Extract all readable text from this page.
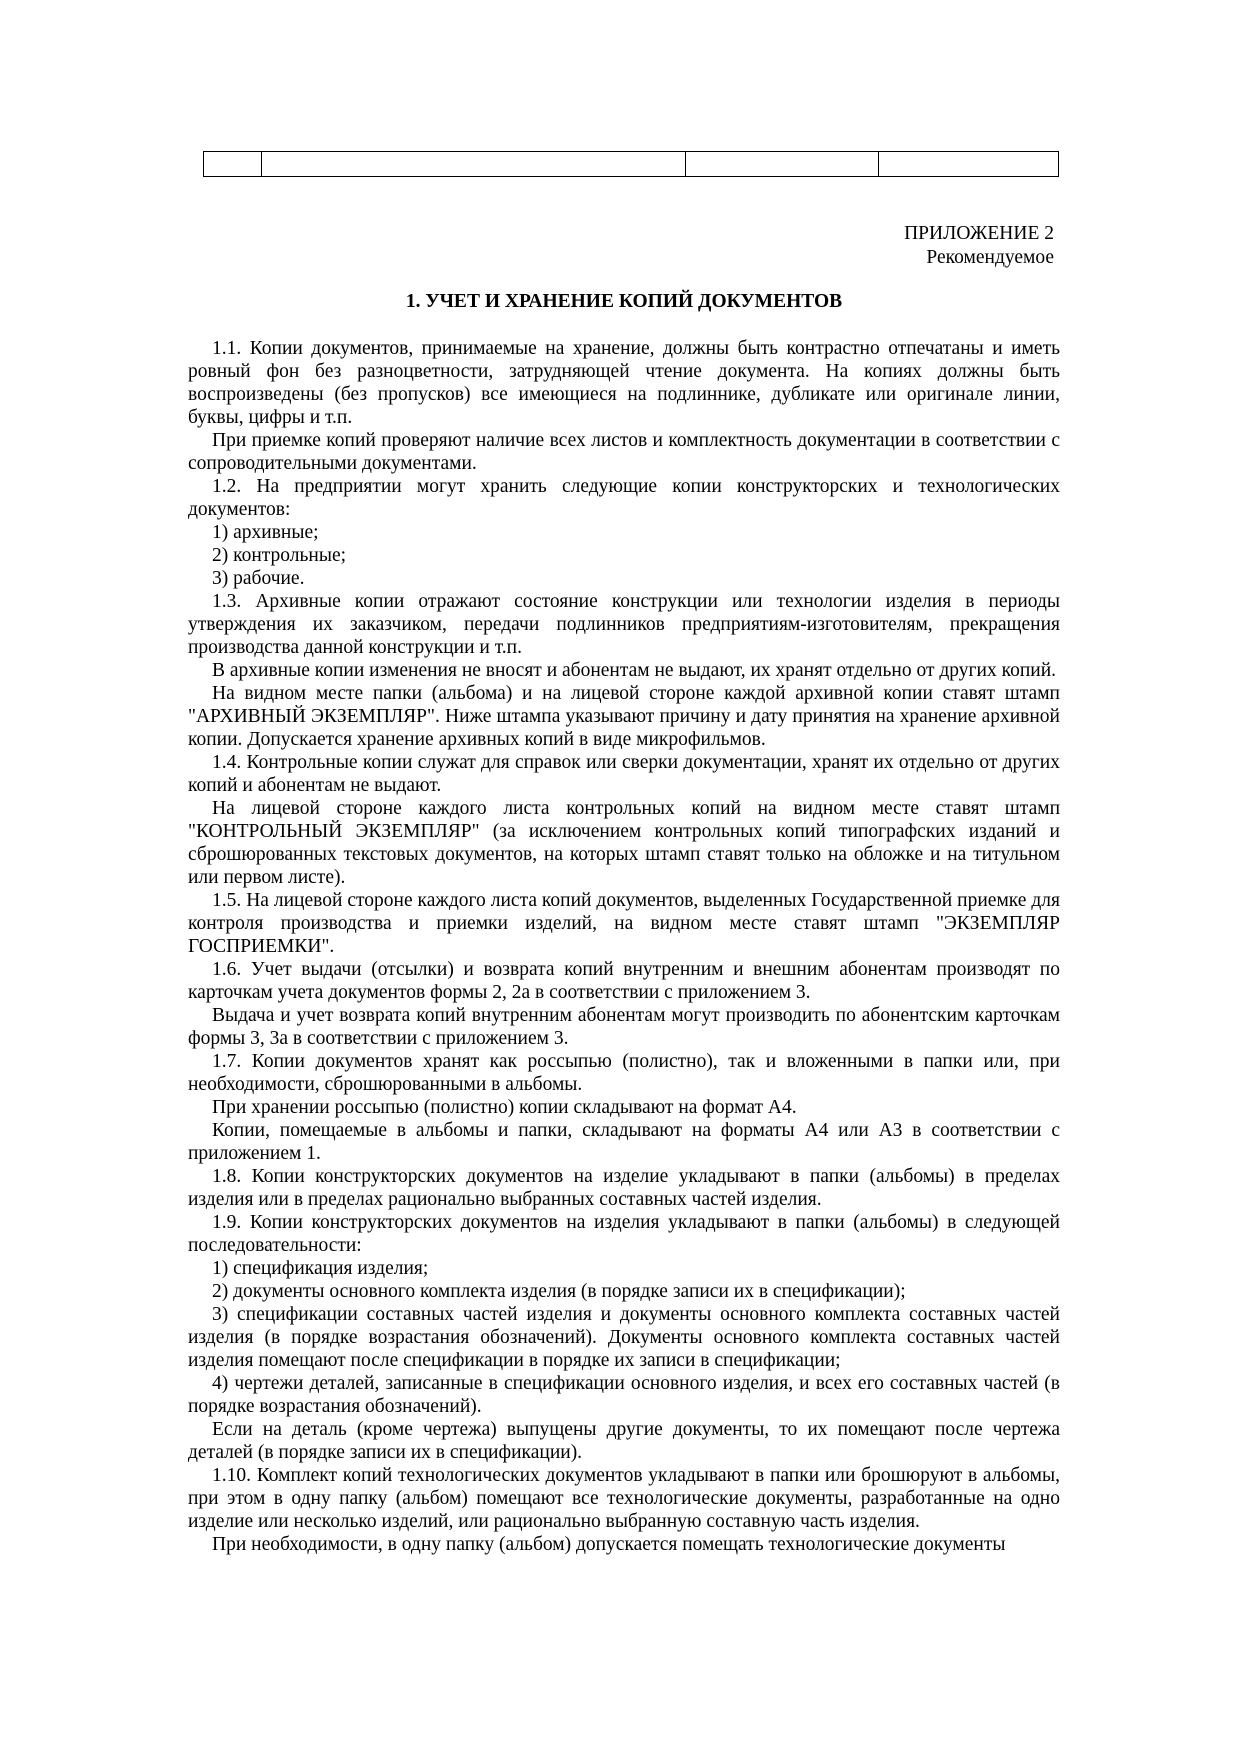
ПРИЛОЖЕНИЕ 2
Рекомендуемое
1. УЧЕТ И ХРАНЕНИЕ КОПИЙ ДОКУМЕНТОВ

1.1. Копии документов, принимаемые на хранение, должны быть контрастно отпечатаны и иметь ровный фон без разноцветности, затрудняющей чтение документа. На копиях должны быть воспроизведены (без пропусков) все имеющиеся на подлиннике, дубликате или оригинале линии, буквы, цифры и т.п.

При приемке копий проверяют наличие всех листов и комплектность документации в соответствии с сопроводительными документами.

1.2. На предприятии могут хранить следующие копии конструкторских и технологических документов:

1) архивные;

2) контрольные;

3) рабочие.

1.3. Архивные копии отражают состояние конструкции или технологии изделия в периоды утверждения их заказчиком, передачи подлинников предприятиям-изготовителям, прекращения производства данной конструкции и т.п.

В архивные копии изменения не вносят и абонентам не выдают, их хранят отдельно от других копий.

На видном месте папки (альбома) и на лицевой стороне каждой архивной копии ставят штамп "АРХИВНЫЙ ЭКЗЕМПЛЯР". Ниже штампа указывают причину и дату принятия на хранение архивной копии. Допускается хранение архивных копий в виде микрофильмов.

1.4. Контрольные копии служат для справок или сверки документации, хранят их отдельно от других копий и абонентам не выдают.

На лицевой стороне каждого листа контрольных копий на видном месте ставят штамп "КОНТРОЛЬНЫЙ ЭКЗЕМПЛЯР" (за исключением контрольных копий типографских изданий и сброшюрованных текстовых документов, на которых штамп ставят только на обложке и на титульном или первом листе).

1.5. На лицевой стороне каждого листа копий документов, выделенных Государственной приемке для контроля производства и приемки изделий, на видном месте ставят штамп "ЭКЗЕМПЛЯР ГОСПРИЕМКИ".

1.6. Учет выдачи (отсылки) и возврата копий внутренним и внешним абонентам производят по карточкам учета документов формы 2, 2а в соответствии с приложением 3.

Выдача и учет возврата копий внутренним абонентам могут производить по абонентским карточкам формы 3, 3а в соответствии с приложением 3.

1.7. Копии документов хранят как россыпью (полистно), так и вложенными в папки или, при необходимости, сброшюрованными в альбомы.

При хранении россыпью (полистно) копии складывают на формат А4.

Копии, помещаемые в альбомы и папки, складывают на форматы А4 или А3 в соответствии с приложением 1.

1.8. Копии конструкторских документов на изделие укладывают в папки (альбомы) в пределах изделия или в пределах рационально выбранных составных частей изделия.

1.9. Копии конструкторских документов на изделия укладывают в папки (альбомы) в следующей последовательности:

1) спецификация изделия;

2) документы основного комплекта изделия (в порядке записи их в спецификации);

3) спецификации составных частей изделия и документы основного комплекта составных частей изделия (в порядке возрастания обозначений). Документы основного комплекта составных частей изделия помещают после спецификации в порядке их записи в спецификации;

4) чертежи деталей, записанные в спецификации основного изделия, и всех его составных частей (в порядке возрастания обозначений).

Если на деталь (кроме чертежа) выпущены другие документы, то их помещают после чертежа деталей (в порядке записи их в спецификации).

1.10. Комплект копий технологических документов укладывают в папки или брошюруют в альбомы, при этом в одну папку (альбом) помещают все технологические документы, разработанные на одно изделие или несколько изделий, или рационально выбранную составную часть изделия.

При необходимости, в одну папку (альбом) допускается помещать технологические документы
